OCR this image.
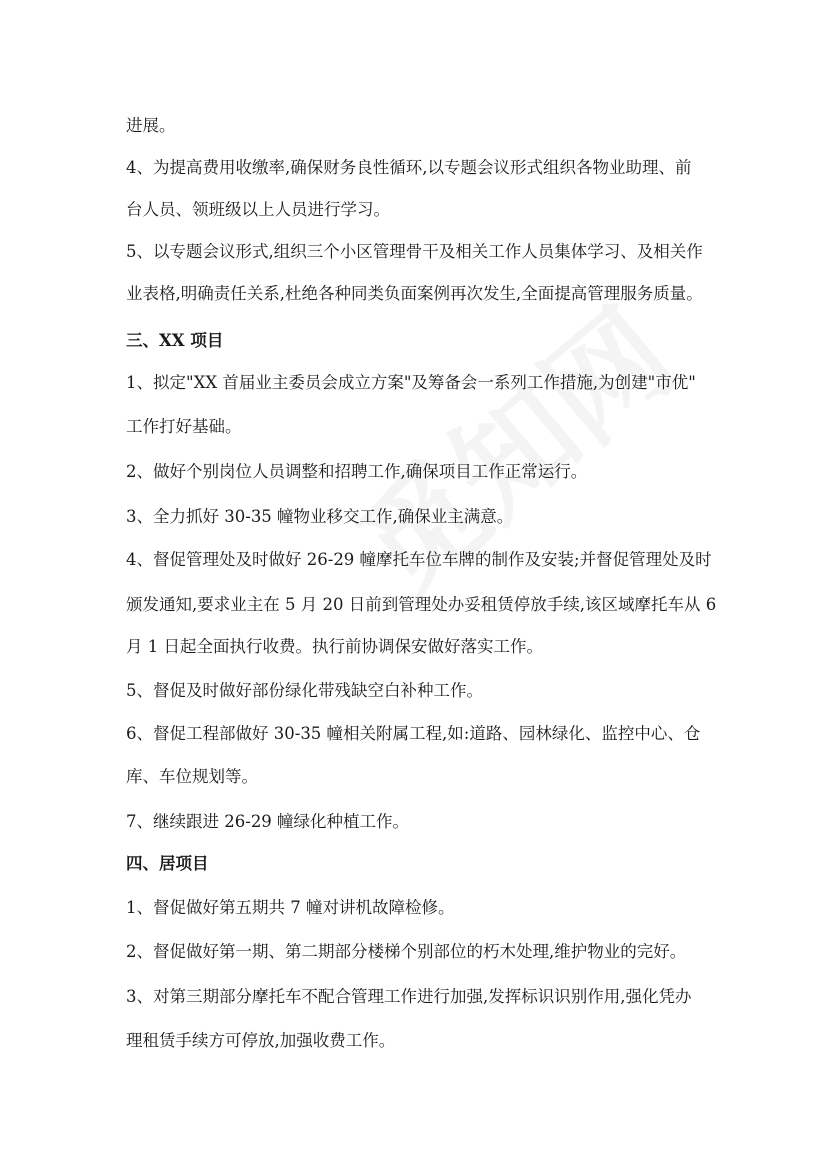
进展。
4、为提高费用收缴率,确保财务良性循环,以专题会议形式组织各物业助理、前
台人员、领班级以上人员进行学习。
5、以专题会议形式,组织三个小区管理骨干及相关工作人员集体学习、及相关作
业表格,明确责任关系,杜绝各种同类负面案例再次发生,全面提高管理服务质量。
三、XX 项目
1、拟定"XX 首届业主委员会成立方案"及筹备会一系列工作措施,为创建"市优"
工作打好基础。
2、做好个别岗位人员调整和招聘工作,确保项目工作正常运行。
3、全力抓好 30-35 幢物业移交工作,确保业主满意。
4、督促管理处及时做好 26-29 幢摩托车位车牌的制作及安装;并督促管理处及时
颁发通知,要求业主在 5 月 20 日前到管理处办妥租赁停放手续,该区域摩托车从 6
月 1 日起全面执行收费。执行前协调保安做好落实工作。
5、督促及时做好部份绿化带残缺空白补种工作。
6、督促工程部做好 30-35 幢相关附属工程,如:道路、园林绿化、监控中心、仓
库、车位规划等。
7、继续跟进 26-29 幢绿化种植工作。
四、居项目
1、督促做好第五期共 7 幢对讲机故障检修。
2、督促做好第一期、第二期部分楼梯个别部位的朽木处理,维护物业的完好。
3、对第三期部分摩托车不配合管理工作进行加强,发挥标识识别作用,强化凭办
理租赁手续方可停放,加强收费工作。
